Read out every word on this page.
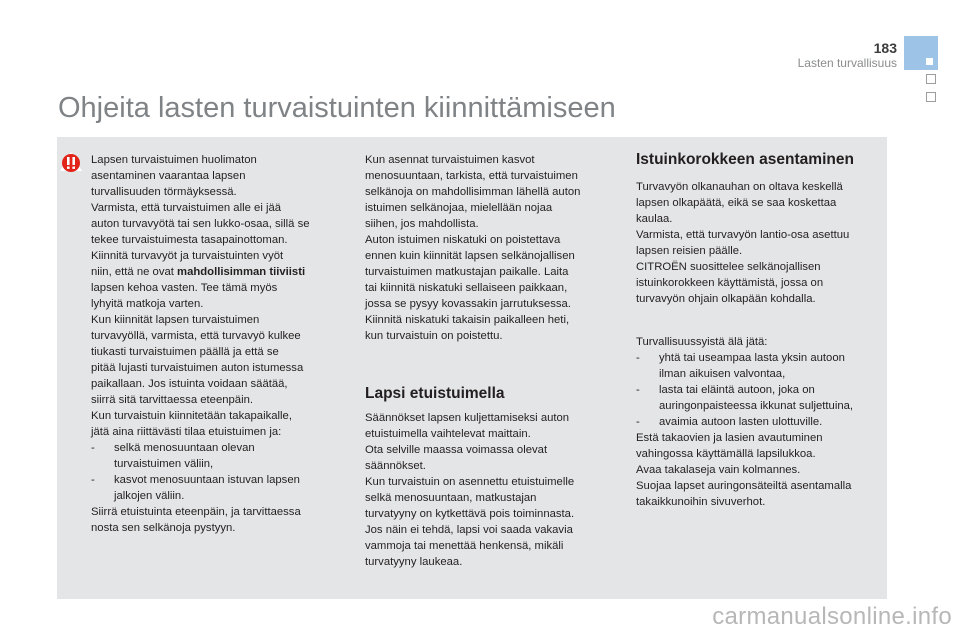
183
Lasten turvallisuus
Ohjeita lasten turvaistuinten kiinnittämiseen

Lapsen turvaistuimen huolimaton

asentaminen vaarantaa lapsen

turvallisuuden törmäyksessä.

Varmista, että turvaistuimen alle ei jää

auton turvavyötä tai sen lukko-osaa, sillä se

tekee turvaistuimesta tasapainottoman.

Kiinnitä turvavyöt ja turvaistuinten vyöt

niin, että ne ovat mahdollisimman tiiviisti

lapsen kehoa vasten. Tee tämä myös

lyhyitä matkoja varten.

Kun kiinnität lapsen turvaistuimen

turvavyöllä, varmista, että turvavyö kulkee

tiukasti turvaistuimen päällä ja että se

pitää lujasti turvaistuimen auton istumessa

paikallaan. Jos istuinta voidaan säätää,

siirrä sitä tarvittaessa eteenpäin.

Kun turvaistuin kiinnitetään takapaikalle,

jätä aina riittävästi tilaa etuistuimen ja:

- selkä menosuuntaan olevan

turvaistuimen väliin,

- kasvot menosuuntaan istuvan lapsen

jalkojen väliin.

Siirrä etuistuinta eteenpäin, ja tarvittaessa

nosta sen selkänoja pystyyn.

Kun asennat turvaistuimen kasvot

menosuuntaan, tarkista, että turvaistuimen

selkänoja on mahdollisimman lähellä auton

istuimen selkänojaa, mielellään nojaa

siihen, jos mahdollista.

Auton istuimen niskatuki on poistettava

ennen kuin kiinnität lapsen selkänojallisen

turvaistuimen matkustajan paikalle. Laita

tai kiinnitä niskatuki sellaiseen paikkaan,

jossa se pysyy kovassakin jarrutuksessa.

Kiinnitä niskatuki takaisin paikalleen heti,

kun turvaistuin on poistettu.

Lapsi etuistuimella

Säännökset lapsen kuljettamiseksi auton

etuistuimella vaihtelevat maittain.

Ota selville maassa voimassa olevat

säännökset.

Kun turvaistuin on asennettu etuistuimelle

selkä menosuuntaan, matkustajan

turvatyyny on kytkettävä pois toiminnasta.

Jos näin ei tehdä, lapsi voi saada vakavia

vammoja tai menettää henkensä, mikäli

turvatyyny laukeaa.

Istuinkorokkeen asentaminen

Turvavyön olkanauhan on oltava keskellä

lapsen olkapäätä, eikä se saa koskettaa

kaulaa.

Varmista, että turvavyön lantio-osa asettuu

lapsen reisien päälle.

CITROËN suosittelee selkänojallisen

istuinkorokkeen käyttämistä, jossa on

turvavyön ohjain olkapään kohdalla.

Turvallisuussyistä älä jätä:

- yhtä tai useampaa lasta yksin autoon

ilman aikuisen valvontaa,

- lasta tai eläintä autoon, joka on

auringonpaisteessa ikkunat suljettuina,

- avaimia autoon lasten ulottuville.

Estä takaovien ja lasien avautuminen

vahingossa käyttämällä lapsilukkoa.

Avaa takalaseja vain kolmannes.

Suojaa lapset auringonsäteiltä asentamalla

takaikkunoihin sivuverhot.

carmanualsonline.info
